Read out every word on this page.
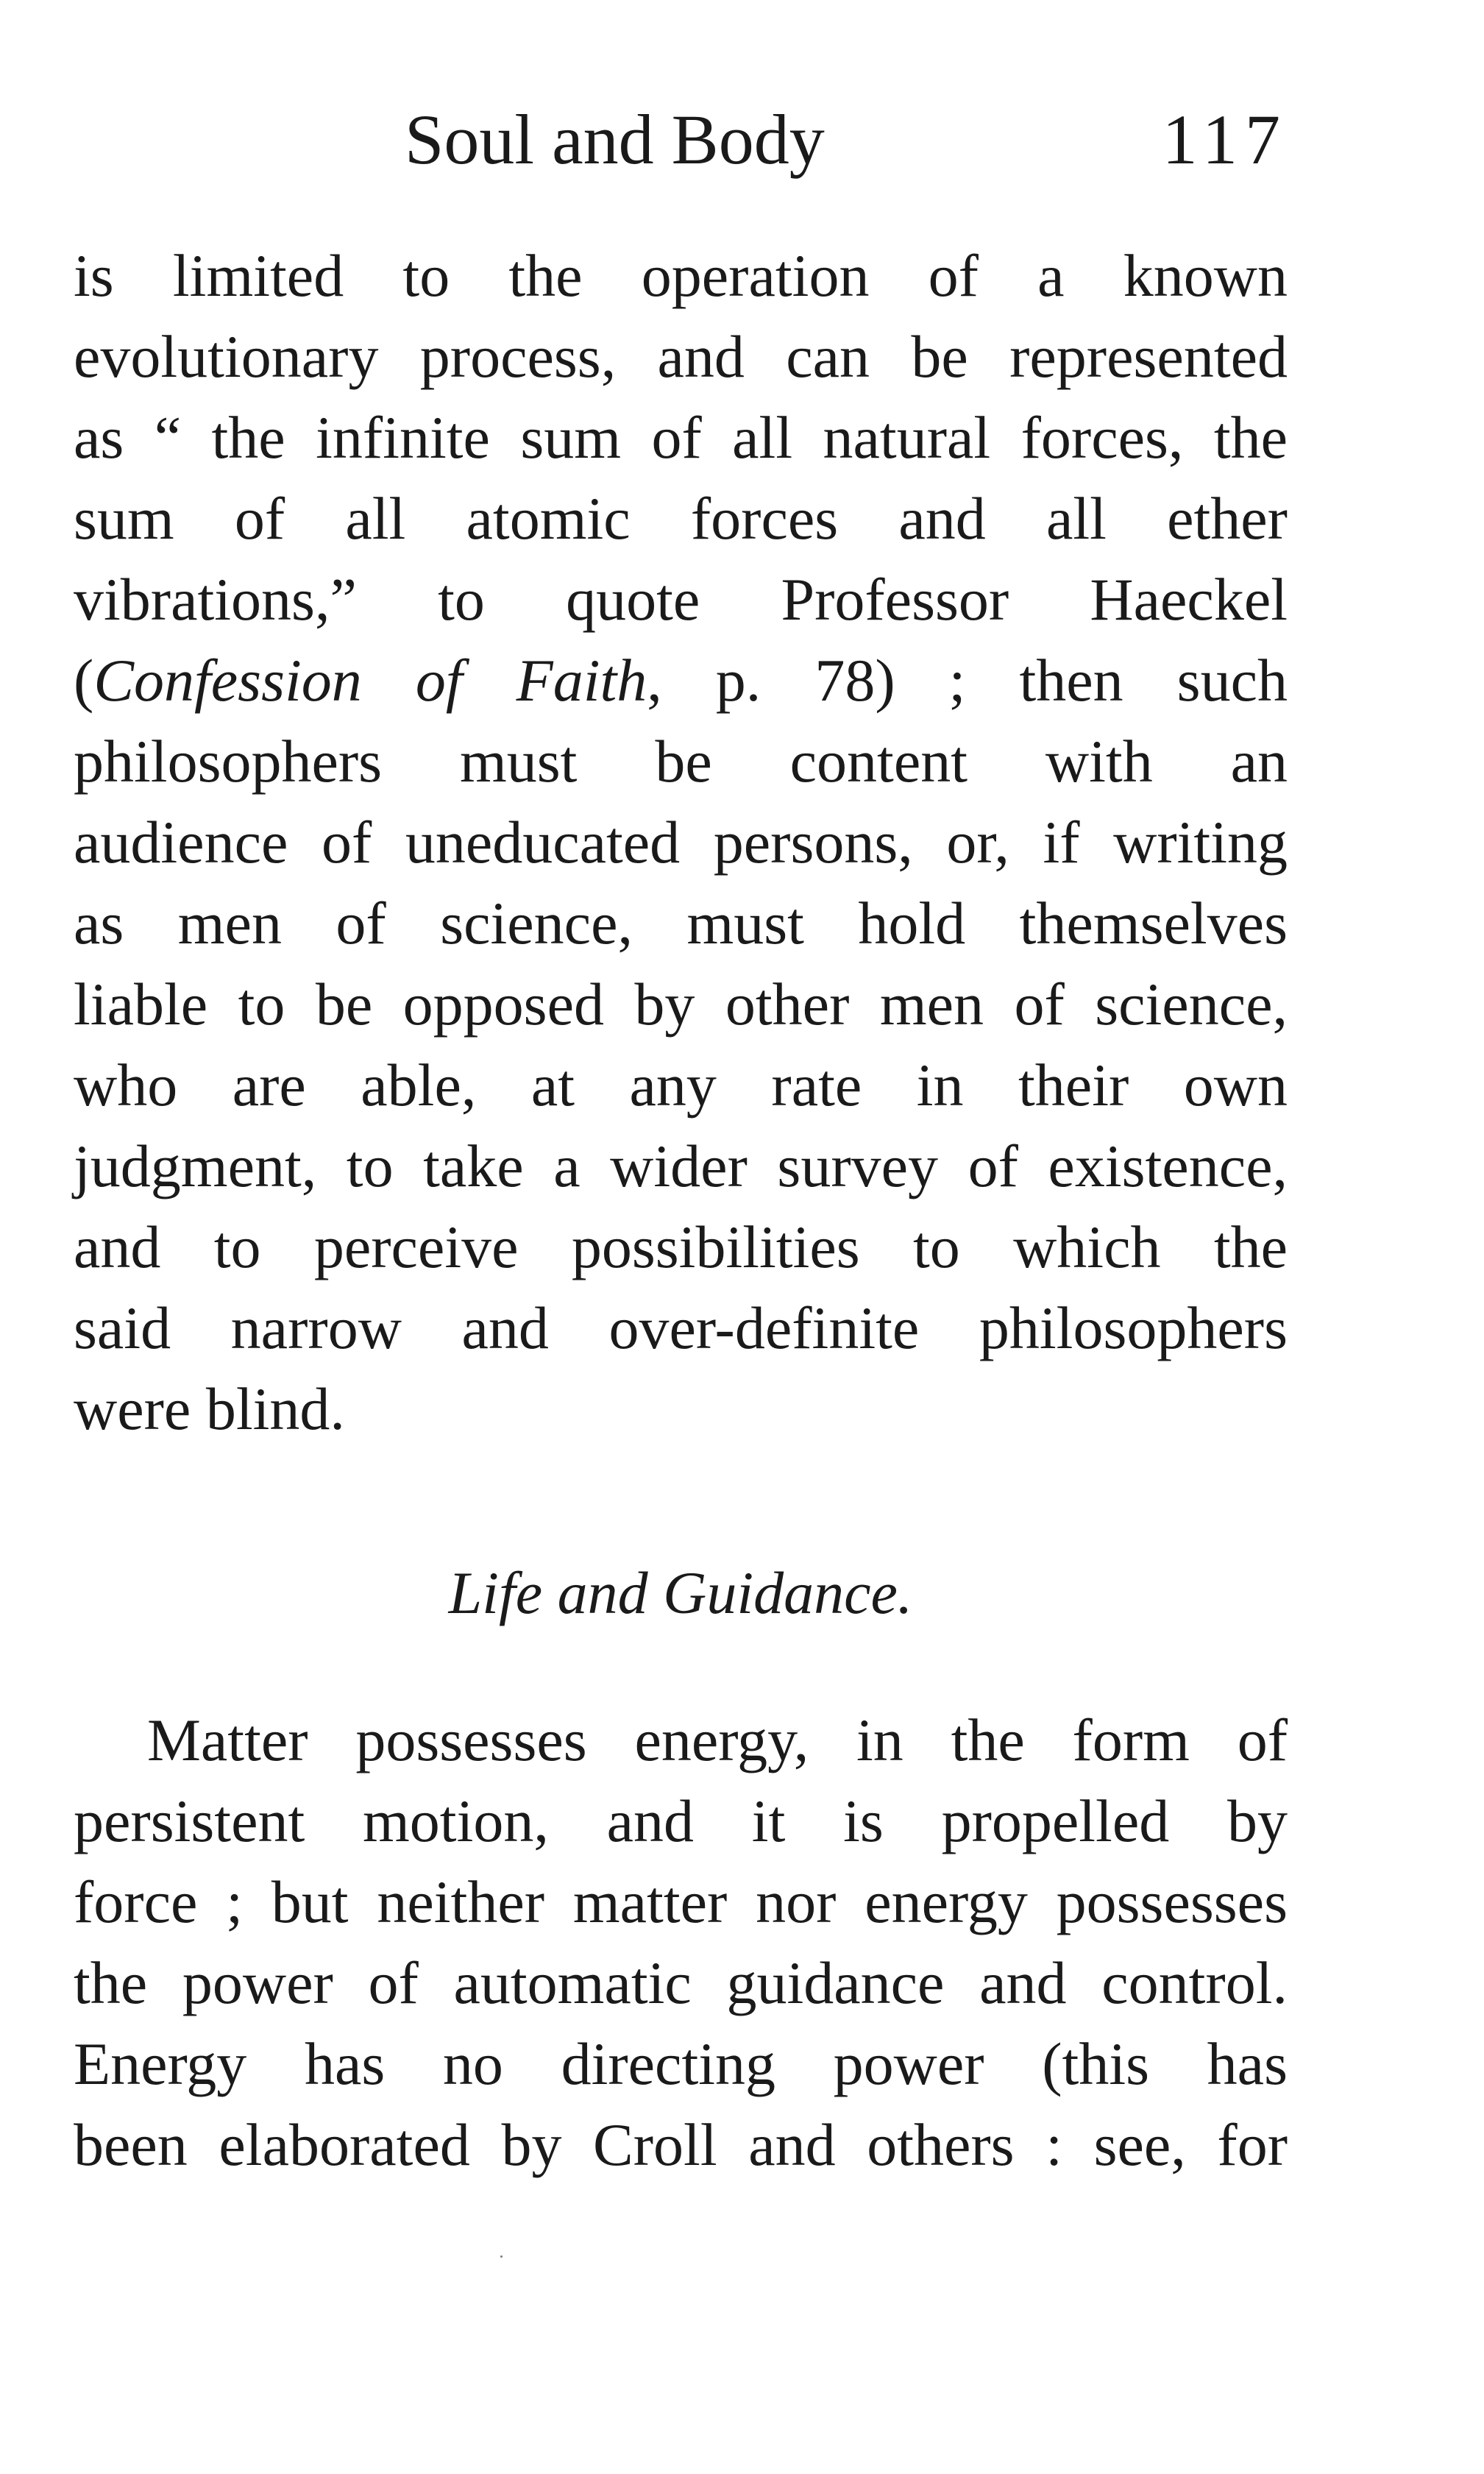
Soul and Body	117
is limited to the operation of a known
evolutionary process, and can be represented
as “ the infinite sum of all natural forces, the
sum of all atomic forces and all ether
vibrations,” to quote Professor Haeckel
(Confession of Faith, p. 78) ; then such
philosophers must be content with an
audience of uneducated persons, or, if writing
as men of science, must hold themselves
liable to be opposed by other men of science,
who are able, at any rate in their own
judgment, to take a wider survey of existence,
and to perceive possibilities to which the
said narrow and over-definite philosophers
were blind.
Life and Guidance.
Matter possesses energy, in the form of
persistent motion, and it is propelled by
force ; but neither matter nor energy possesses
the power of automatic guidance and control.
Energy has no directing power (this has
been elaborated by Croll and others : see, for
